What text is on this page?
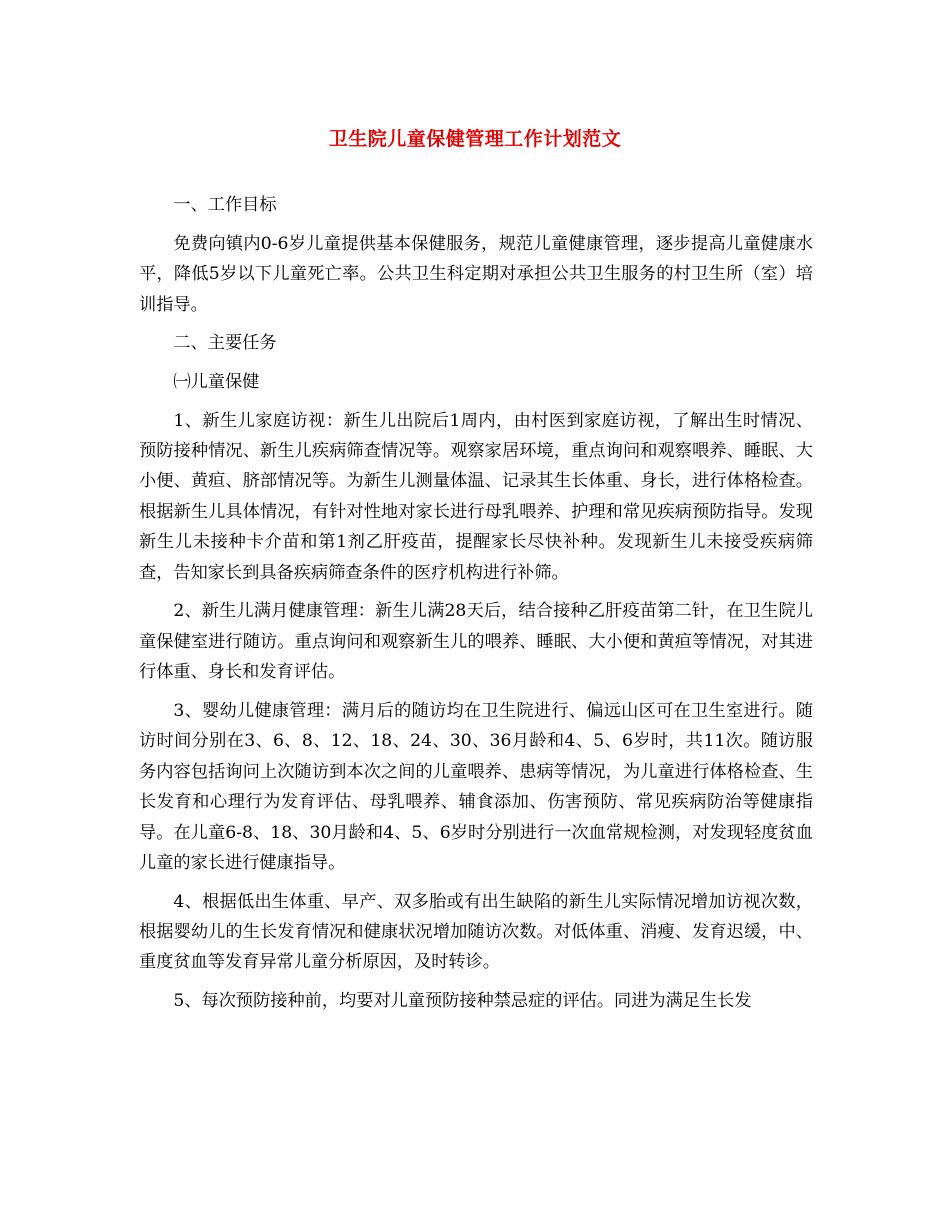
卫生院儿童保健管理工作计划范文

一、工作目标

免费向镇内0-6岁儿童提供基本保健服务，规范儿童健康管理，逐步提高儿童健康水平，降低5岁以下儿童死亡率。公共卫生科定期对承担公共卫生服务的村卫生所（室）培训指导。

二、主要任务

㈠儿童保健

1、新生儿家庭访视：新生儿出院后1周内，由村医到家庭访视，了解出生时情况、预防接种情况、新生儿疾病筛查情况等。观察家居环境，重点询问和观察喂养、睡眠、大小便、黄疸、脐部情况等。为新生儿测量体温、记录其生长体重、身长，进行体格检查。根据新生儿具体情况，有针对性地对家长进行母乳喂养、护理和常见疾病预防指导。发现新生儿未接种卡介苗和第1剂乙肝疫苗，提醒家长尽快补种。发现新生儿未接受疾病筛查，告知家长到具备疾病筛查条件的医疗机构进行补筛。

2、新生儿满月健康管理：新生儿满28天后，结合接种乙肝疫苗第二针，在卫生院儿童保健室进行随访。重点询问和观察新生儿的喂养、睡眠、大小便和黄疸等情况，对其进行体重、身长和发育评估。

3、婴幼儿健康管理：满月后的随访均在卫生院进行、偏远山区可在卫生室进行。随访时间分别在3、6、8、12、18、24、30、36月龄和4、5、6岁时，共11次。随访服务内容包括询问上次随访到本次之间的儿童喂养、患病等情况，为儿童进行体格检查、生长发育和心理行为发育评估、母乳喂养、辅食添加、伤害预防、常见疾病防治等健康指导。在儿童6-8、18、30月龄和4、5、6岁时分别进行一次血常规检测，对发现轻度贫血儿童的家长进行健康指导。

4、根据低出生体重、早产、双多胎或有出生缺陷的新生儿实际情况增加访视次数，根据婴幼儿的生长发育情况和健康状况增加随访次数。对低体重、消瘦、发育迟缓，中、重度贫血等发育异常儿童分析原因，及时转诊。

5、每次预防接种前，均要对儿童预防接种禁忌症的评估。同进为满足生长发
